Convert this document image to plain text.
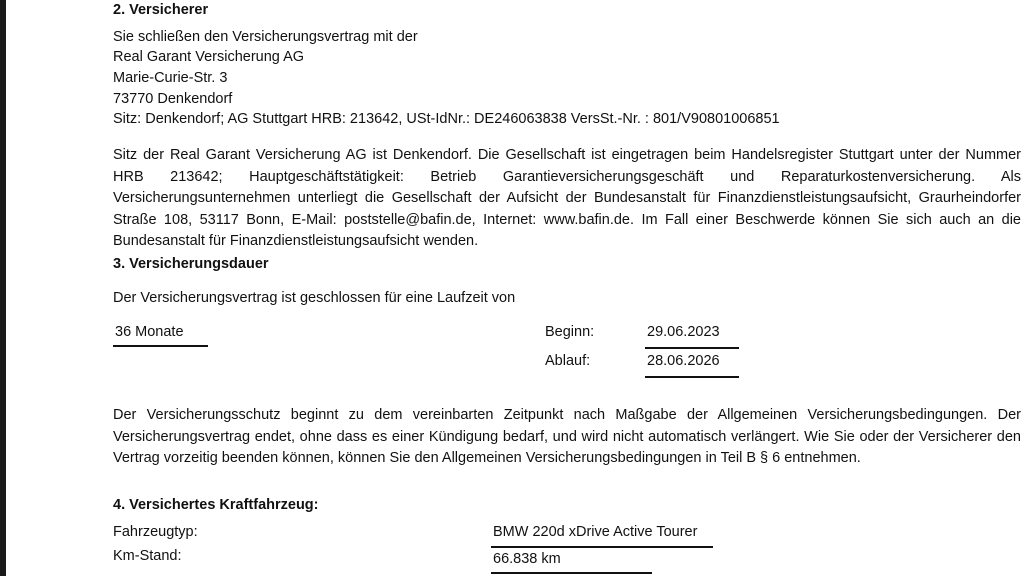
2. Versicherer
Sie schließen den Versicherungsvertrag mit der
Real Garant Versicherung AG
Marie-Curie-Str. 3
73770 Denkendorf
Sitz: Denkendorf; AG Stuttgart HRB: 213642, USt-IdNr.: DE246063838 VersSt.-Nr. : 801/V90801006851
Sitz der Real Garant Versicherung AG ist Denkendorf. Die Gesellschaft ist eingetragen beim Handelsregister Stuttgart unter der Nummer HRB 213642; Hauptgeschäftstätigkeit: Betrieb Garantieversicherungsgeschäft und Reparaturkostenversicherung. Als Versicherungsunternehmen unterliegt die Gesellschaft der Aufsicht der Bundesanstalt für Finanzdienstleistungsaufsicht, Graurheindorfer Straße 108, 53117 Bonn, E-Mail: poststelle@bafin.de, Internet: www.bafin.de. Im Fall einer Beschwerde können Sie sich auch an die Bundesanstalt für Finanzdienstleistungsaufsicht wenden.
3. Versicherungsdauer
Der Versicherungsvertrag ist geschlossen für eine Laufzeit von
36 Monate	Beginn:	29.06.2023
Ablauf:	28.06.2026
Der Versicherungsschutz beginnt zu dem vereinbarten Zeitpunkt nach Maßgabe der Allgemeinen Versicherungsbedingungen. Der Versicherungsvertrag endet, ohne dass es einer Kündigung bedarf, und wird nicht automatisch verlängert. Wie Sie oder der Versicherer den Vertrag vorzeitig beenden können, können Sie den Allgemeinen Versicherungsbedingungen in Teil B § 6 entnehmen.
4. Versichertes Kraftfahrzeug:
Fahrzeugtyp:	BMW 220d xDrive Active Tourer
Km-Stand:	66.838 km
